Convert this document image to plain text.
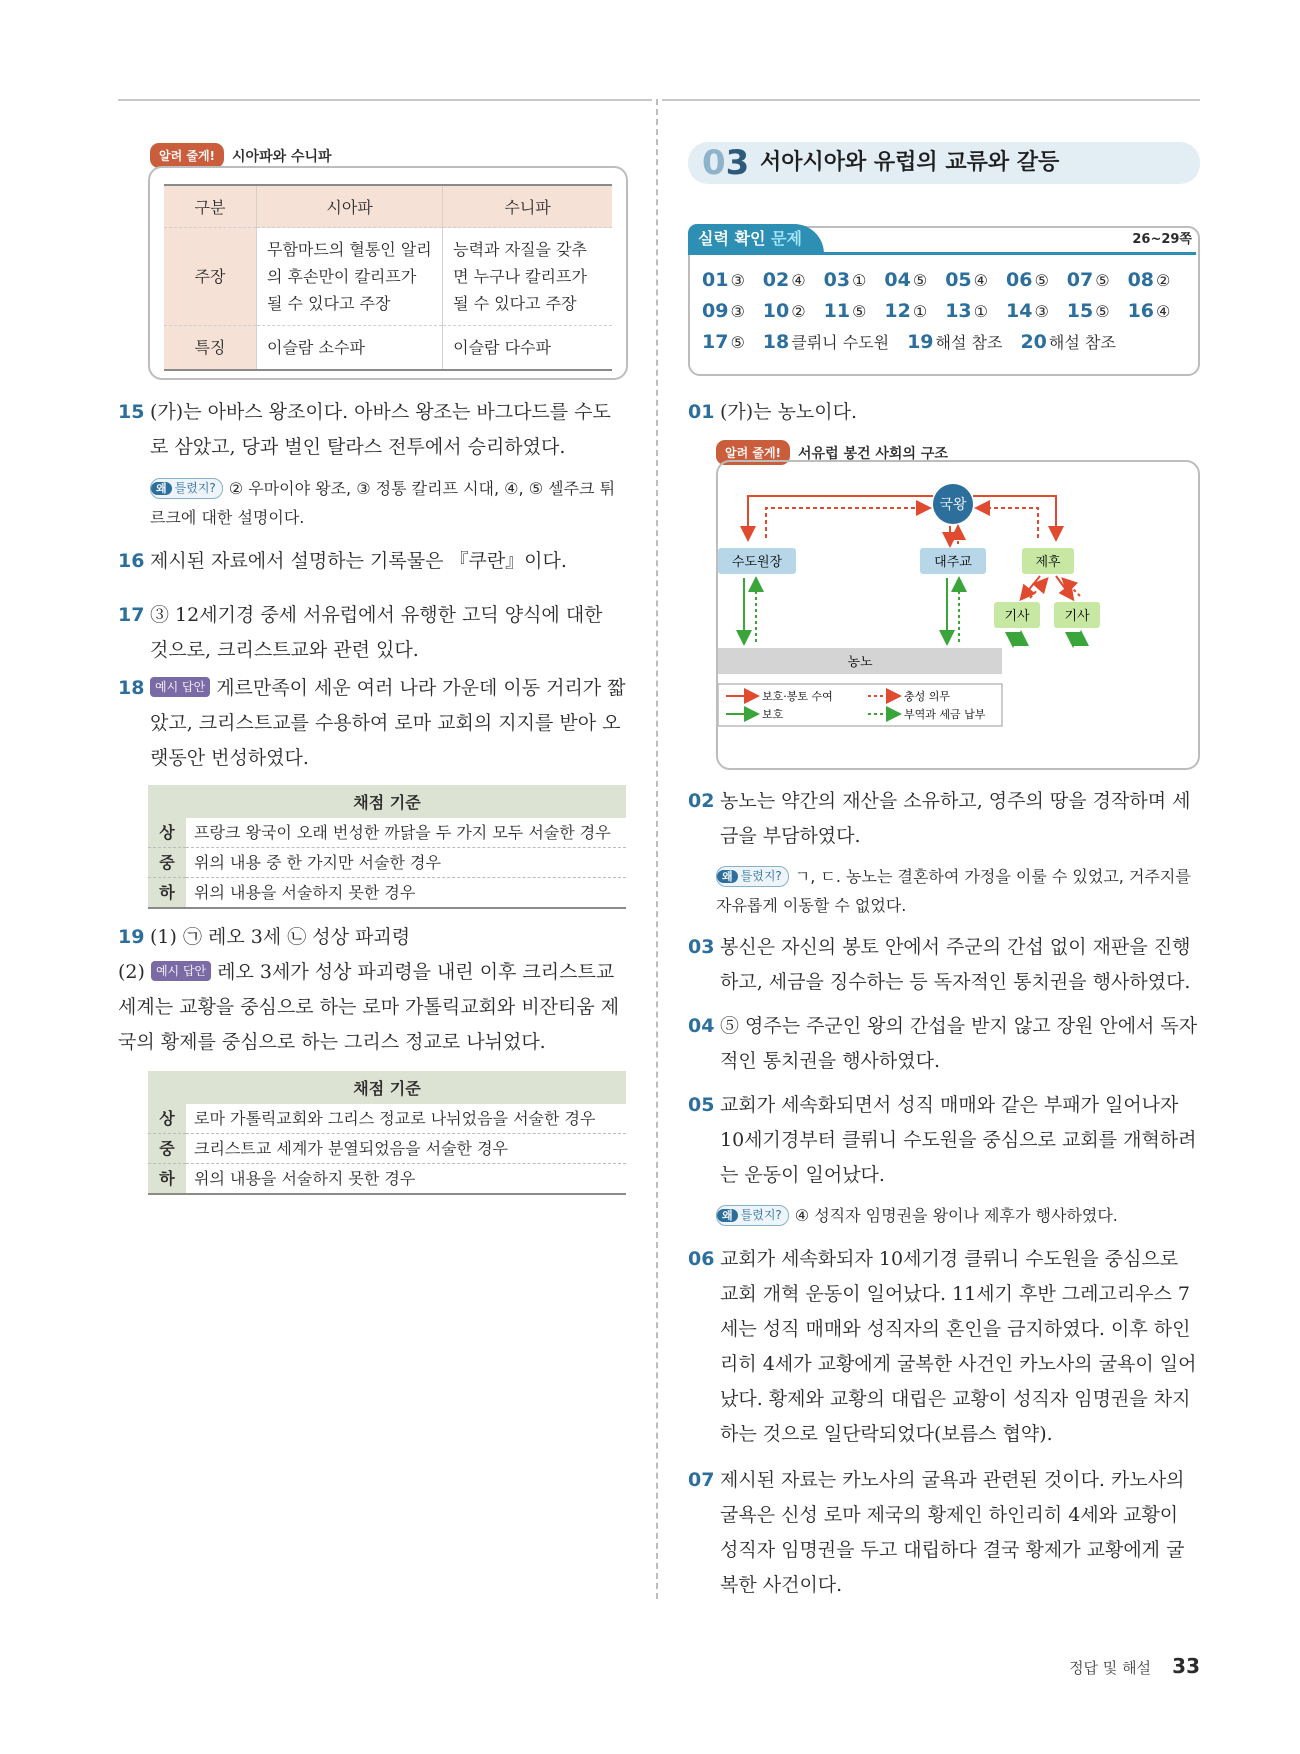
알려 줄게!	시아파와 수니파
구분	시아파	수니파
주장	무함마드의 혈통인 알리의 후손만이 칼리프가 될 수 있다고 주장	능력과 자질을 갖추면 누구나 칼리프가 될 수 있다고 주장
특징	이슬람 소수파	이슬람 다수파
15 (가)는 아바스 왕조이다. 아바스 왕조는 바그다드를 수도로 삼았고, 당과 벌인 탈라스 전투에서 승리하였다.
왜 틀렸지? ② 우마이야 왕조, ③ 정통 칼리프 시대, ④, ⑤ 셀주크 튀르크에 대한 설명이다.
16 제시된 자료에서 설명하는 기록물은 『쿠란』이다.
17 ③ 12세기경 중세 서유럽에서 유행한 고딕 양식에 대한 것으로, 크리스트교와 관련 있다.
18 예시 답안 게르만족이 세운 여러 나라 가운데 이동 거리가 짧았고, 크리스트교를 수용하여 로마 교회의 지지를 받아 오랫동안 번성하였다.
채점 기준	
상	프랑크 왕국이 오래 번성한 까닭을 두 가지 모두 서술한 경우
중	위의 내용 중 한 가지만 서술한 경우
하	위의 내용을 서술하지 못한 경우
19 (1) ㉠ 레오 3세 ㉡ 성상 파괴령
(2) 예시 답안 레오 3세가 성상 파괴령을 내린 이후 크리스트교 세계는 교황을 중심으로 하는 로마 가톨릭교회와 비잔티움 제국의 황제를 중심으로 하는 그리스 정교로 나뉘었다.
채점 기준	
상	로마 가톨릭교회와 그리스 정교로 나뉘었음을 서술한 경우
중	크리스트교 세계가 분열되었음을 서술한 경우
하	위의 내용을 서술하지 못한 경우
03 서아시아와 유럽의 교류와 갈등
실력 확인 문제	26~29쪽
01 ③ 02 ④ 03 ① 04 ⑤ 05 ④ 06 ⑤ 07 ⑤ 08 ②
09 ③ 10 ② 11 ⑤ 12 ① 13 ① 14 ③ 15 ⑤ 16 ④
17 ⑤ 18 클뤼니 수도원 19 해설 참조 20 해설 참조
01 (가)는 농노이다.
알려 줄게!	서유럽 봉건 사회의 구조
국왕
수도원장	대주교	제후
기사	기사
농노
보호·봉토 수여
보호
충성 의무
부역과 세금 납부
02 농노는 약간의 재산을 소유하고, 영주의 땅을 경작하며 세금을 부담하였다.
왜 틀렸지? ㄱ, ㄷ. 농노는 결혼하여 가정을 이룰 수 있었고, 거주지를 자유롭게 이동할 수 없었다.
03 봉신은 자신의 봉토 안에서 주군의 간섭 없이 재판을 진행하고, 세금을 징수하는 등 독자적인 통치권을 행사하였다.
04 ⑤ 영주는 주군인 왕의 간섭을 받지 않고 장원 안에서 독자적인 통치권을 행사하였다.
05 교회가 세속화되면서 성직 매매와 같은 부패가 일어나자 10세기경부터 클뤼니 수도원을 중심으로 교회를 개혁하려는 운동이 일어났다.
왜 틀렸지? ④ 성직자 임명권을 왕이나 제후가 행사하였다.
06 교회가 세속화되자 10세기경 클뤼니 수도원을 중심으로 교회 개혁 운동이 일어났다. 11세기 후반 그레고리우스 7세는 성직 매매와 성직자의 혼인을 금지하였다. 이후 하인리히 4세가 교황에게 굴복한 사건인 카노사의 굴욕이 일어났다. 황제와 교황의 대립은 교황이 성직자 임명권을 차지하는 것으로 일단락되었다(보름스 협약).
07 제시된 자료는 카노사의 굴욕과 관련된 것이다. 카노사의 굴욕은 신성 로마 제국의 황제인 하인리히 4세와 교황이 성직자 임명권을 두고 대립하다 결국 황제가 교황에게 굴복한 사건이다.
정답 및 해설 33
